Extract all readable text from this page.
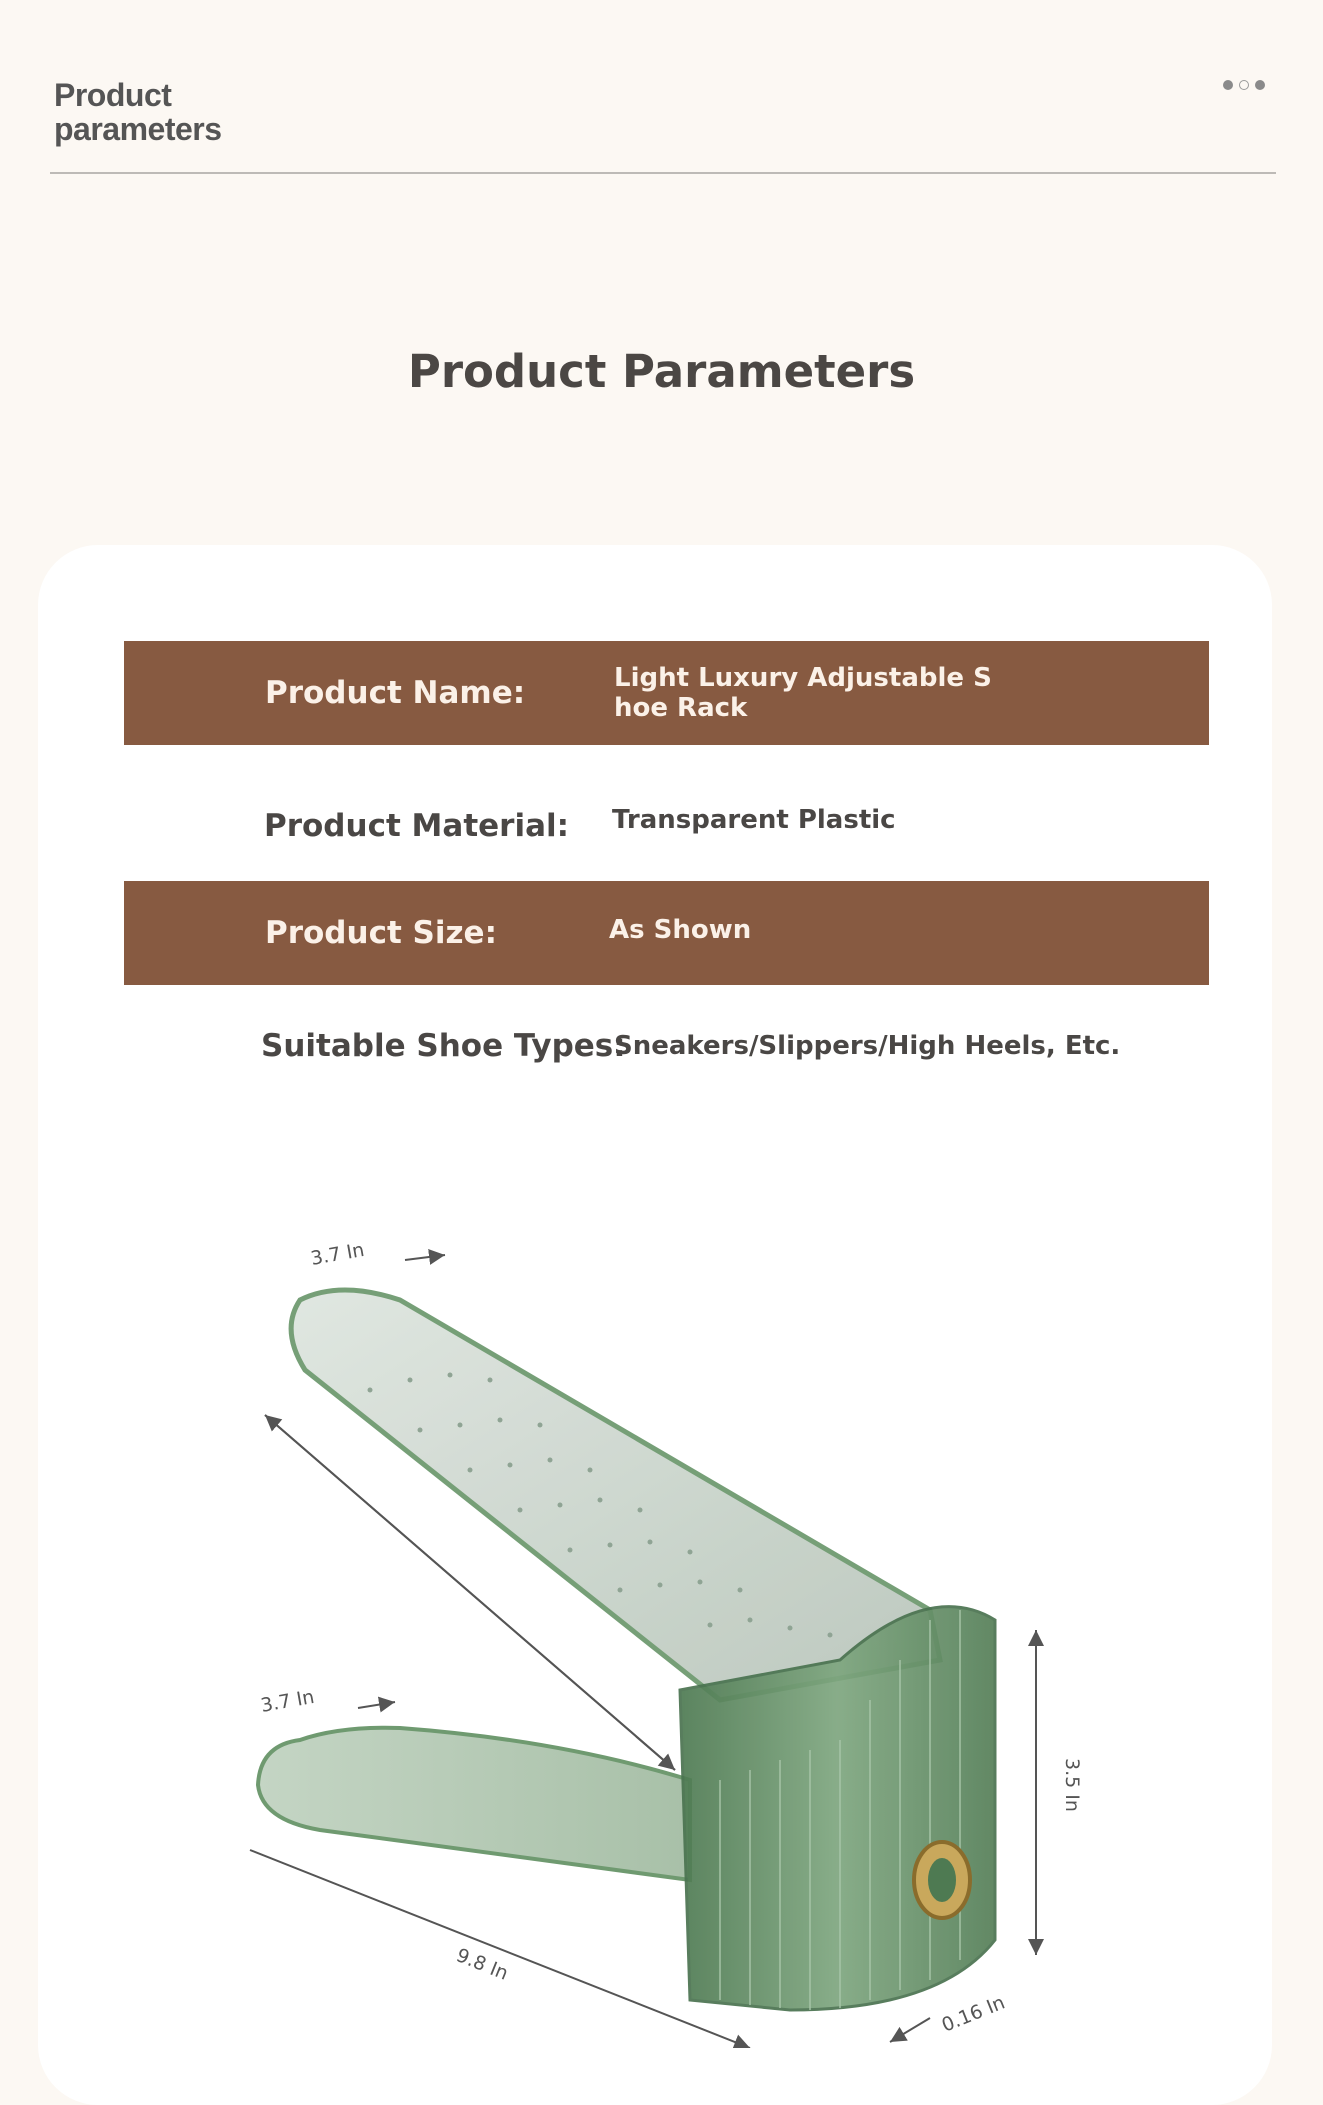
Product
parameters
Product Parameters
Product Name:	Light Luxury Adjustable S
hoe Rack
Product Material: Transparent Plastic
Product Size:	As Shown
Suitable Shoe Types:
Sneakers/Slippers/High Heels, Etc.
3.7 In
3.7 In
9.8 In
3.5 In
0.16 In
